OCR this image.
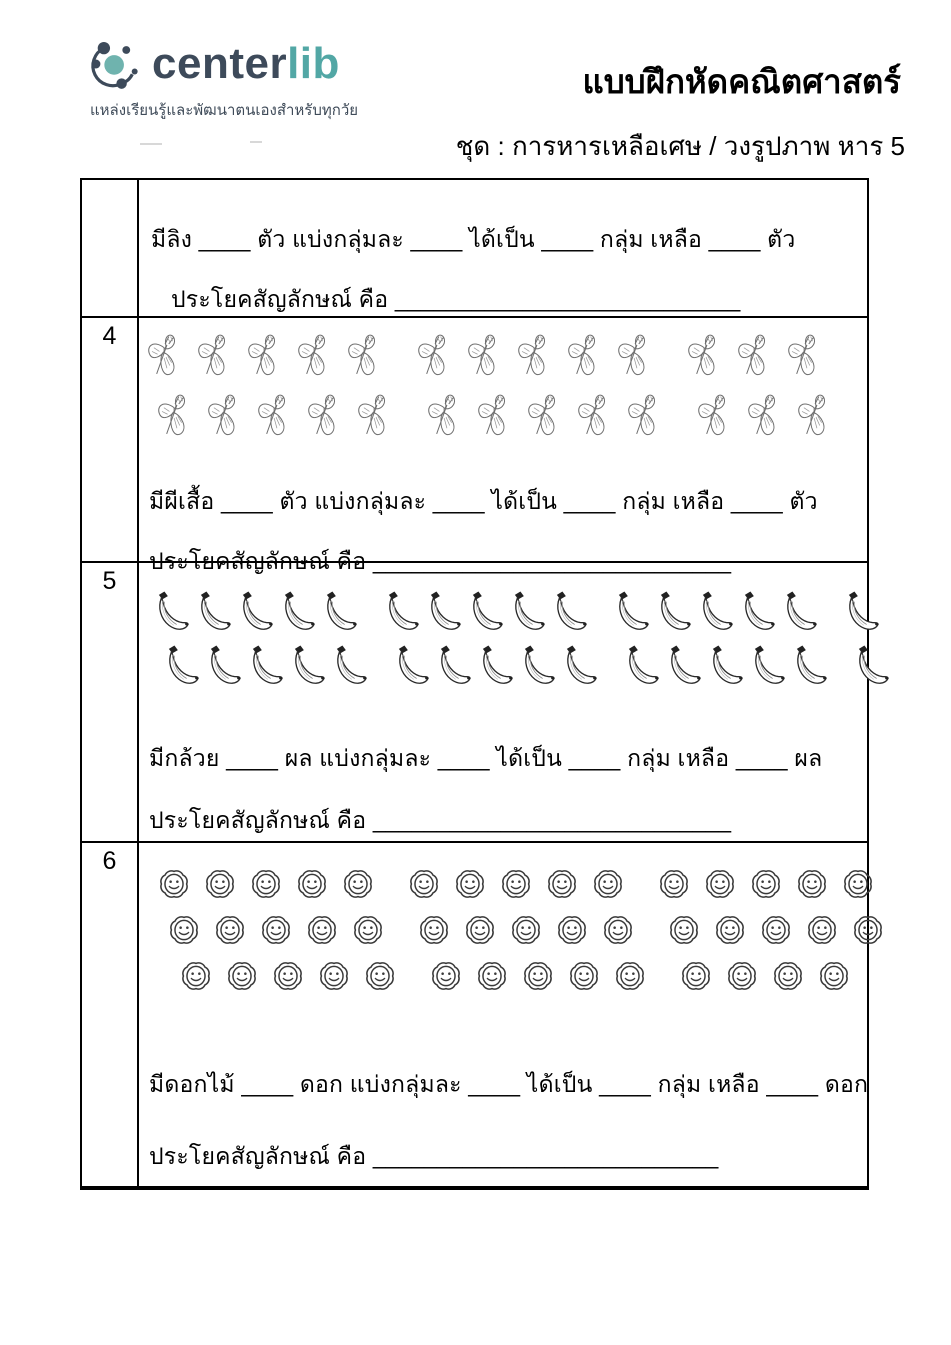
centerlib
แหล่งเรียนรู้และพัฒนาตนเองสำหรับทุกวัย
แบบฝึกหัดคณิตศาสตร์
ชุด : การหารเหลือเศษ / วงรูปภาพ หาร 5
มีลิง ____ ตัว แบ่งกลุ่มละ ____ ได้เป็น ____ กลุ่ม เหลือ ____ ตัว
ประโยคสัญลักษณ์ คือ ___________________________
4
มีผีเสื้อ ____ ตัว แบ่งกลุ่มละ ____ ได้เป็น ____ กลุ่ม เหลือ ____ ตัว
ประโยคสัญลักษณ์ คือ ____________________________
5
มีกล้วย ____ ผล แบ่งกลุ่มละ ____ ได้เป็น ____ กลุ่ม เหลือ ____ ผล
ประโยคสัญลักษณ์ คือ ____________________________
6
มีดอกไม้ ____ ดอก แบ่งกลุ่มละ ____ ได้เป็น ____ กลุ่ม เหลือ ____ ดอก
ประโยคสัญลักษณ์ คือ ___________________________
